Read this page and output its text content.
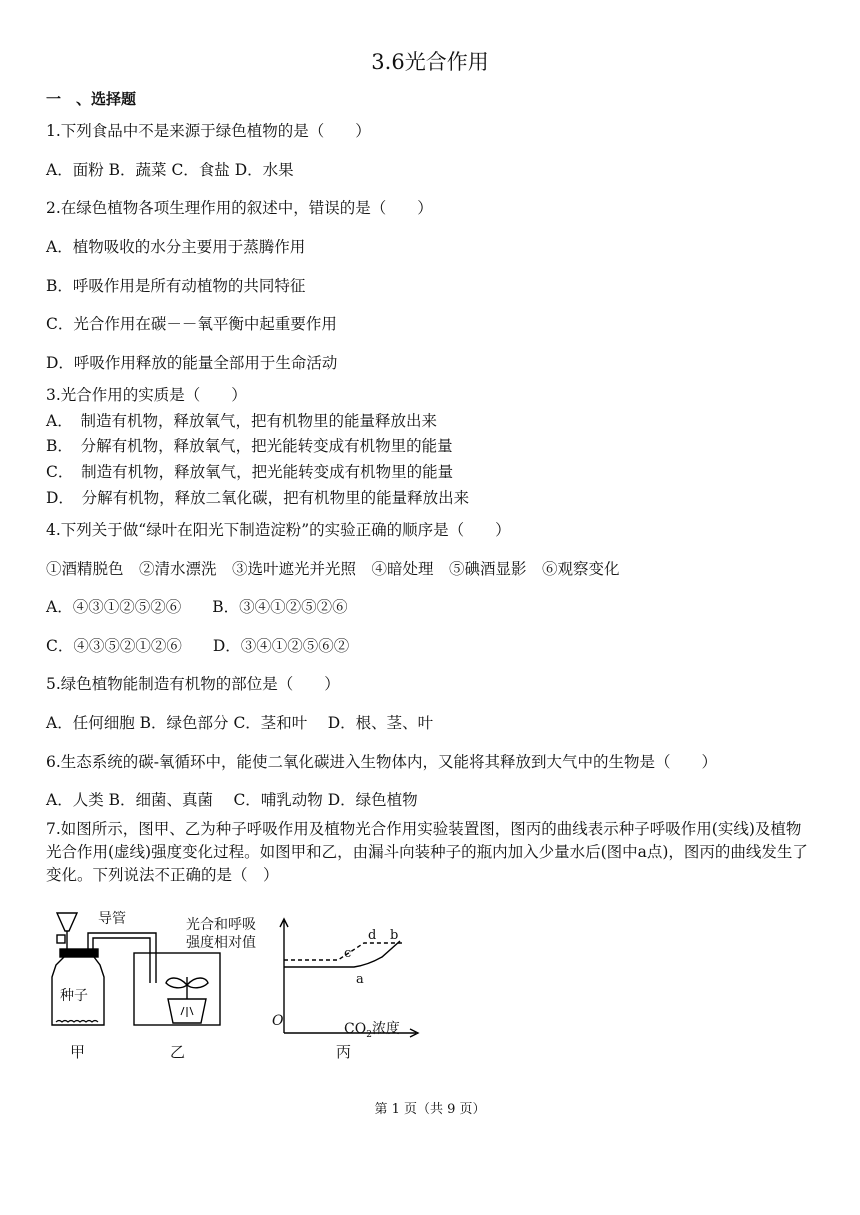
3.6光合作用
一　、选择题
1.下列食品中不是来源于绿色植物的是（　　）
A．面粉 B．蔬菜 C．食盐 D．水果
2.在绿色植物各项生理作用的叙述中，错误的是（　　）
A．植物吸收的水分主要用于蒸腾作用
B．呼吸作用是所有动植物的共同特征
C．光合作用在碳－－氧平衡中起重要作用
D．呼吸作用释放的能量全部用于生命活动
3.光合作用的实质是（　　）
A．　制造有机物，释放氧气，把有机物里的能量释放出来
B．　分解有机物，释放氧气，把光能转变成有机物里的能量
C．　制造有机物，释放氧气，把光能转变成有机物里的能量
D．　分解有机物，释放二氧化碳，把有机物里的能量释放出来
4.下列关于做“绿叶在阳光下制造淀粉”的实验正确的顺序是（　　）
①酒精脱色　②清水漂洗　③选叶遮光并光照　④暗处理　⑤碘酒显影　⑥观察变化
A．④③①②⑤②⑥　　B．③④①②⑤②⑥
C．④③⑤②①②⑥　　D．③④①②⑤⑥②
5.绿色植物能制造有机物的部位是（　　）
A．任何细胞 B．绿色部分 C．茎和叶　 D．根、茎、叶
6.生态系统的碳-氧循环中，能使二氧化碳进入生物体内，又能将其释放到大气中的生物是（　　）
A．人类 B．细菌、真菌　 C．哺乳动物 D．绿色植物
7.如图所示，图甲、乙为种子呼吸作用及植物光合作用实验装置图，图丙的曲线表示种子呼吸作用(实线)及植物光合作用(虚线)强度变化过程。如图甲和乙，由漏斗向装种子的瓶内加入少量水后(图中a点)，图丙的曲线发生了变化。下列说法不正确的是（　）
导管
种子
甲	乙	丙
光合和呼吸
强度相对值
O	$CO_2$浓度
a
b
c
d
第 1 页（共 9 页）
